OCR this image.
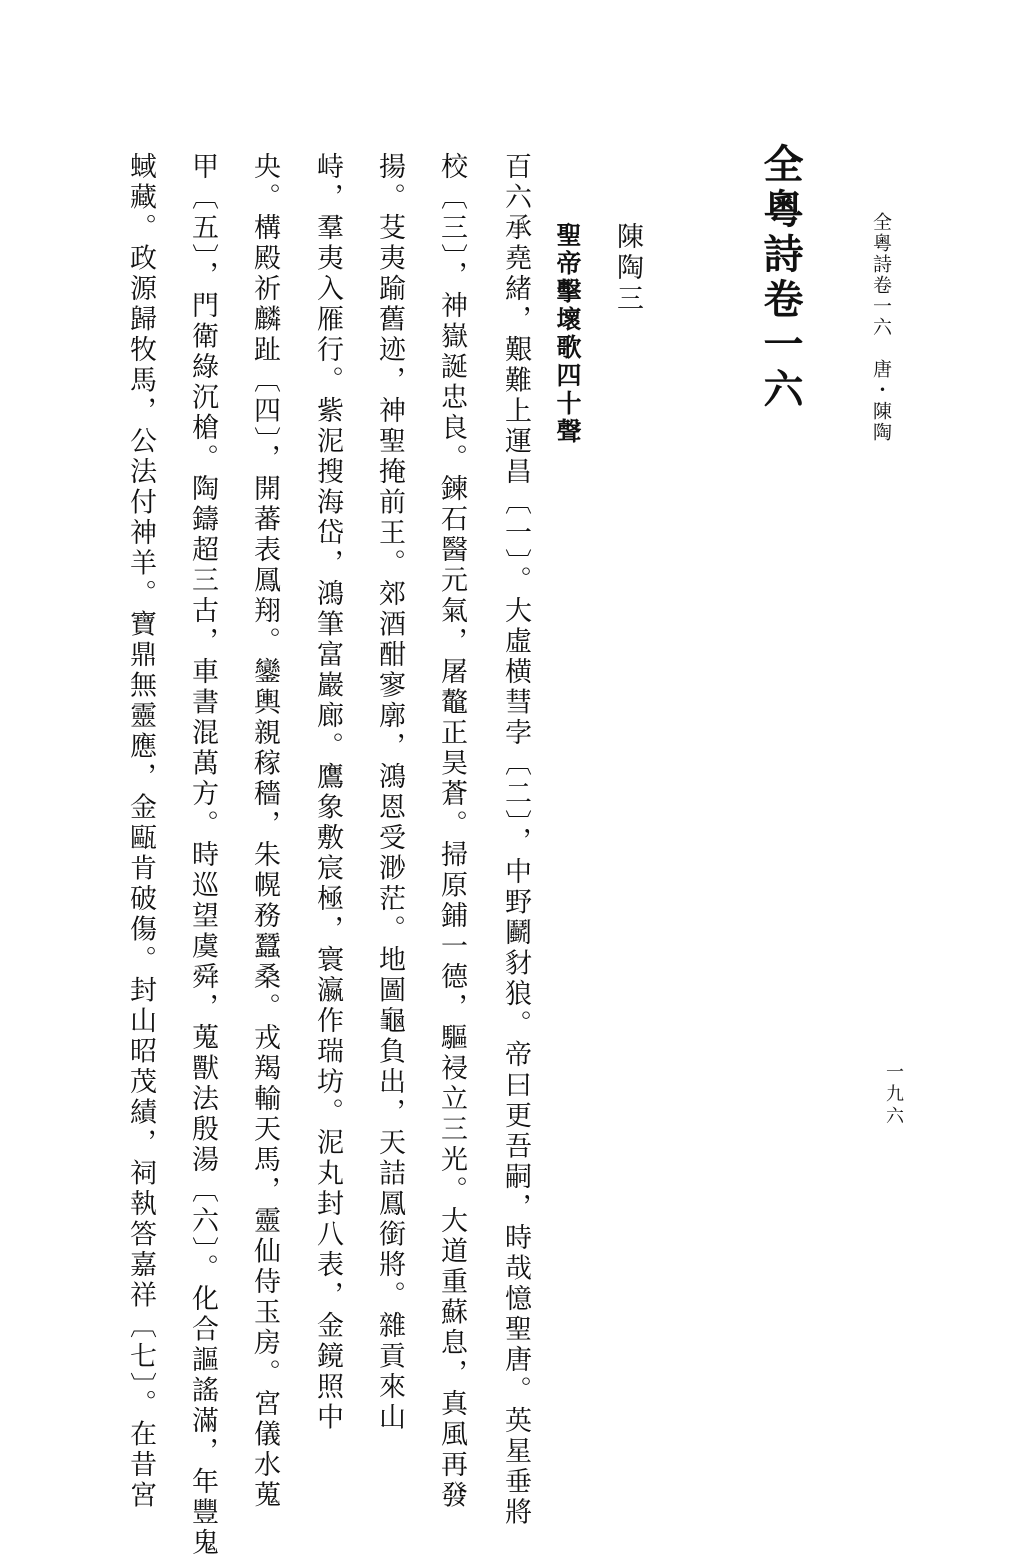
全粵詩卷一六　唐・陳陶
一九六
全粵詩卷一六
陳陶三
聖帝擊壞歌四十聲
百六承堯緒，艱難上運昌〔一〕。大虛横彗孛〔二〕，中野鬬豺狼。帝曰更吾嗣，時哉憶聖唐。英星垂將
校〔三〕，神嶽誕忠良。鍊石醫元氣，屠鼇正昊蒼。掃原鋪一德，驅祲立三光。大道重蘇息，真風再發
揚。芟夷踰舊迹，神聖掩前王。郊酒酣寥廓，鴻恩受渺茫。地圖龜負出，天詰鳳銜將。雜貢來山
峙，羣夷入雁行。紫泥搜海岱，鴻筆富巖廊。鷹象敷宸極，寰瀛作瑞坊。泥丸封八表，金鏡照中
央。構殿祈麟趾〔四〕，開蕃表鳳翔。鑾輿親稼穡，朱幌務蠶桑。戎羯輸天馬，靈仙侍玉房。宮儀水蒐
甲〔五〕，門衛綠沉槍。陶鑄超三古，車書混萬方。時巡望虞舜，蒐獸法殷湯〔六〕。化合謳謠滿，年豐鬼
蜮藏。政源歸牧馬，公法付神羊。寶鼎無靈應，金甌肯破傷。封山昭茂績，祠執答嘉祥〔七〕。在昔宮
